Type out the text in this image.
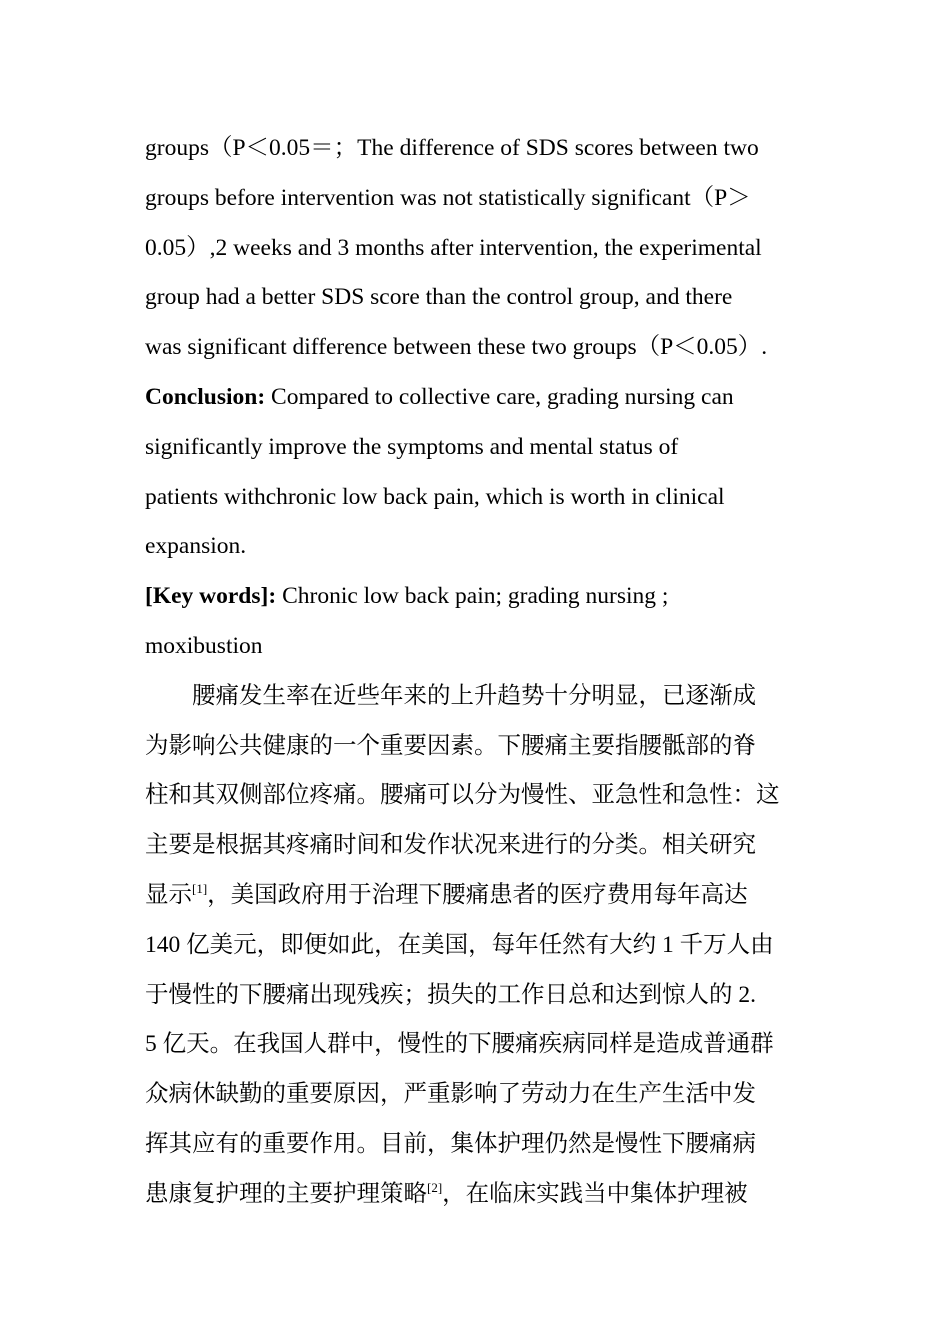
groups（P＜0.05＝；The difference of SDS scores between two
groups before intervention was not statistically significant（P＞
0.05）,2 weeks and 3 months after intervention, the experimental
group had a better SDS score than the control group, and there
was significant difference between these two groups（P＜0.05）.
Conclusion: Compared to collective care, grading nursing can
significantly improve the symptoms and mental status of
patients withchronic low back pain, which is worth in clinical
expansion.
[Key words]: Chronic low back pain; grading nursing ;
moxibustion
腰痛发生率在近些年来的上升趋势十分明显，已逐渐成
为影响公共健康的一个重要因素。下腰痛主要指腰骶部的脊
柱和其双侧部位疼痛。腰痛可以分为慢性、亚急性和急性：这
主要是根据其疼痛时间和发作状况来进行的分类。相关研究
显示[1]，美国政府用于治理下腰痛患者的医疗费用每年高达
140 亿美元，即便如此，在美国，每年任然有大约 1 千万人由
于慢性的下腰痛出现残疾；损失的工作日总和达到惊人的 2.
5 亿天。在我国人群中，慢性的下腰痛疾病同样是造成普通群
众病休缺勤的重要原因，严重影响了劳动力在生产生活中发
挥其应有的重要作用。目前，集体护理仍然是慢性下腰痛病
患康复护理的主要护理策略[2]，在临床实践当中集体护理被
